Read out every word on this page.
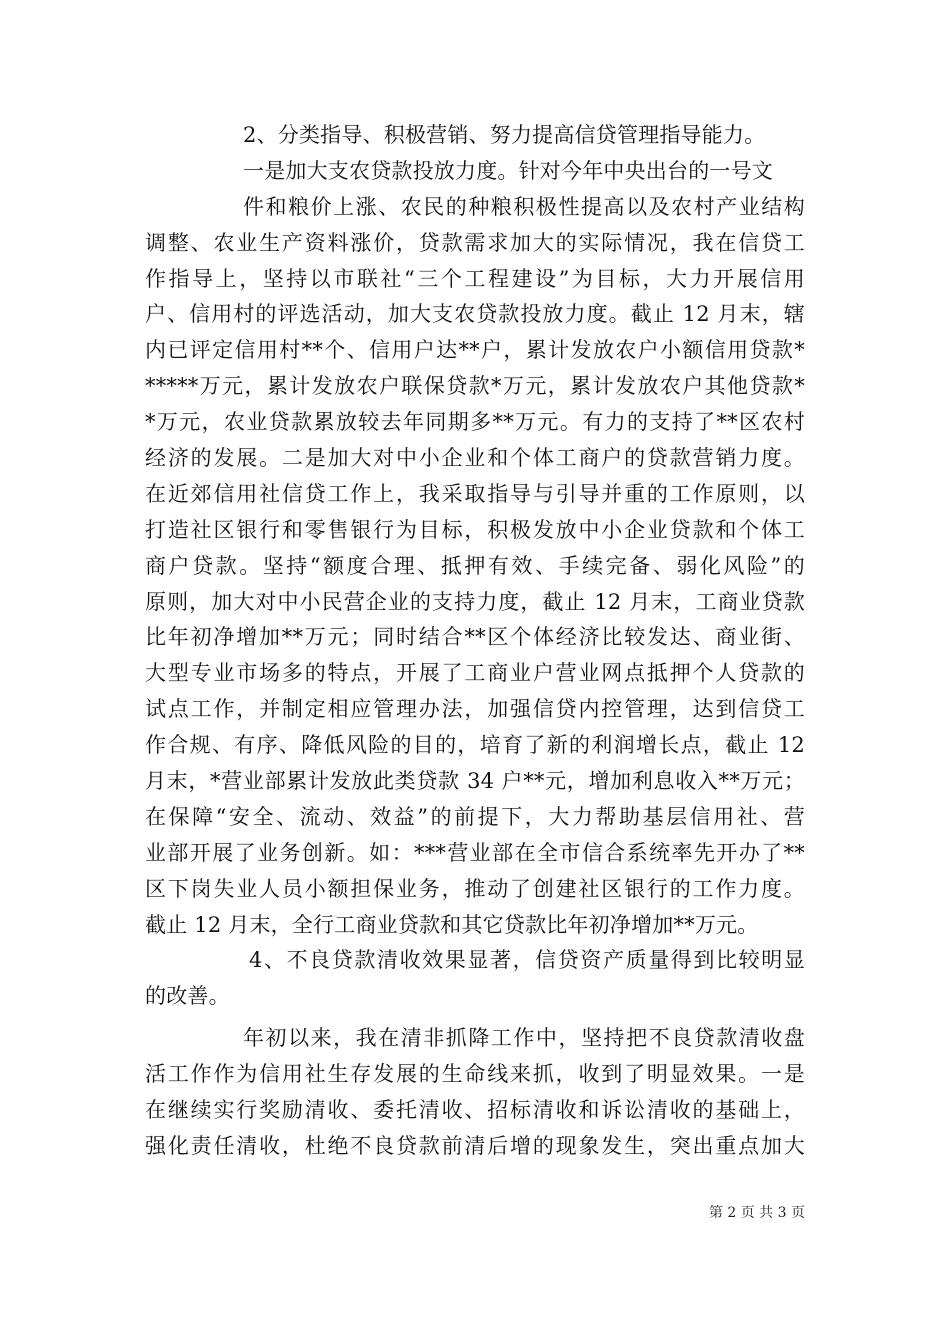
2、分类指导、积极营销、努力提高信贷管理指导能力。
一是加大支农贷款投放力度。针对今年中央出台的一号文
件和粮价上涨、农民的种粮积极性提高以及农村产业结构
调整、农业生产资料涨价，贷款需求加大的实际情况，我在信贷工
作指导上，坚持以市联社“三个工程建设”为目标，大力开展信用
户、信用村的评选活动，加大支农贷款投放力度。截止 12 月末，辖
内已评定信用村**个、信用户达**户，累计发放农户小额信用贷款*
*****万元，累计发放农户联保贷款*万元，累计发放农户其他贷款*
*万元，农业贷款累放较去年同期多**万元。有力的支持了**区农村
经济的发展。二是加大对中小企业和个体工商户的贷款营销力度。
在近郊信用社信贷工作上，我采取指导与引导并重的工作原则，以
打造社区银行和零售银行为目标，积极发放中小企业贷款和个体工
商户贷款。坚持“额度合理、抵押有效、手续完备、弱化风险”的
原则，加大对中小民营企业的支持力度，截止 12 月末，工商业贷款
比年初净增加**万元；同时结合**区个体经济比较发达、商业街、
大型专业市场多的特点，开展了工商业户营业网点抵押个人贷款的
试点工作，并制定相应管理办法，加强信贷内控管理，达到信贷工
作合规、有序、降低风险的目的，培育了新的利润增长点，截止 12
月末，*营业部累计发放此类贷款 34 户**元，增加利息收入**万元；
在保障“安全、流动、效益”的前提下，大力帮助基层信用社、营
业部开展了业务创新。如：***营业部在全市信合系统率先开办了**
区下岗失业人员小额担保业务，推动了创建社区银行的工作力度。
截止 12 月末，全行工商业贷款和其它贷款比年初净增加**万元。
4、不良贷款清收效果显著，信贷资产质量得到比较明显
的改善。
年初以来，我在清非抓降工作中，坚持把不良贷款清收盘
活工作作为信用社生存发展的生命线来抓，收到了明显效果。一是
在继续实行奖励清收、委托清收、招标清收和诉讼清收的基础上，
强化责任清收，杜绝不良贷款前清后增的现象发生，突出重点加大
第 2 页 共 3 页
